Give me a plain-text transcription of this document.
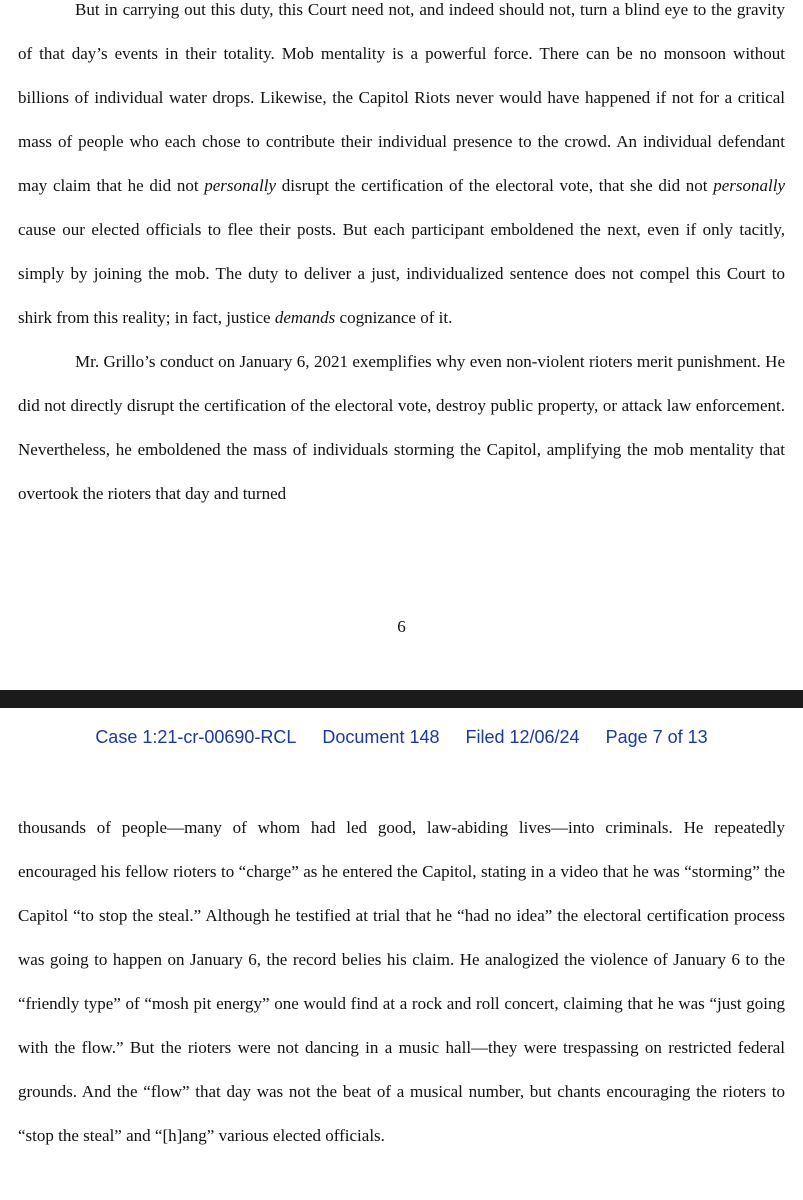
But in carrying out this duty, this Court need not, and indeed should not, turn a blind eye to the gravity of that day’s events in their totality. Mob mentality is a powerful force. There can be no monsoon without billions of individual water drops. Likewise, the Capitol Riots never would have happened if not for a critical mass of people who each chose to contribute their individual presence to the crowd. An individual defendant may claim that he did not personally disrupt the certification of the electoral vote, that she did not personally cause our elected officials to flee their posts. But each participant emboldened the next, even if only tacitly, simply by joining the mob. The duty to deliver a just, individualized sentence does not compel this Court to shirk from this reality; in fact, justice demands cognizance of it.

Mr. Grillo’s conduct on January 6, 2021 exemplifies why even non-violent rioters merit punishment. He did not directly disrupt the certification of the electoral vote, destroy public property, or attack law enforcement. Nevertheless, he emboldened the mass of individuals storming the Capitol, amplifying the mob mentality that overtook the rioters that day and turned

6
Case 1:21-cr-00690-RCL Document 148 Filed 12/06/24 Page 7 of 13

thousands of people—many of whom had led good, law-abiding lives—into criminals. He repeatedly encouraged his fellow rioters to “charge” as he entered the Capitol, stating in a video that he was “storming” the Capitol “to stop the steal.” Although he testified at trial that he “had no idea” the electoral certification process was going to happen on January 6, the record belies his claim. He analogized the violence of January 6 to the “friendly type” of “mosh pit energy” one would find at a rock and roll concert, claiming that he was “just going with the flow.” But the rioters were not dancing in a music hall—they were trespassing on restricted federal grounds. And the “flow” that day was not the beat of a musical number, but chants encouraging the rioters to “stop the steal” and “[h]ang” various elected officials.
